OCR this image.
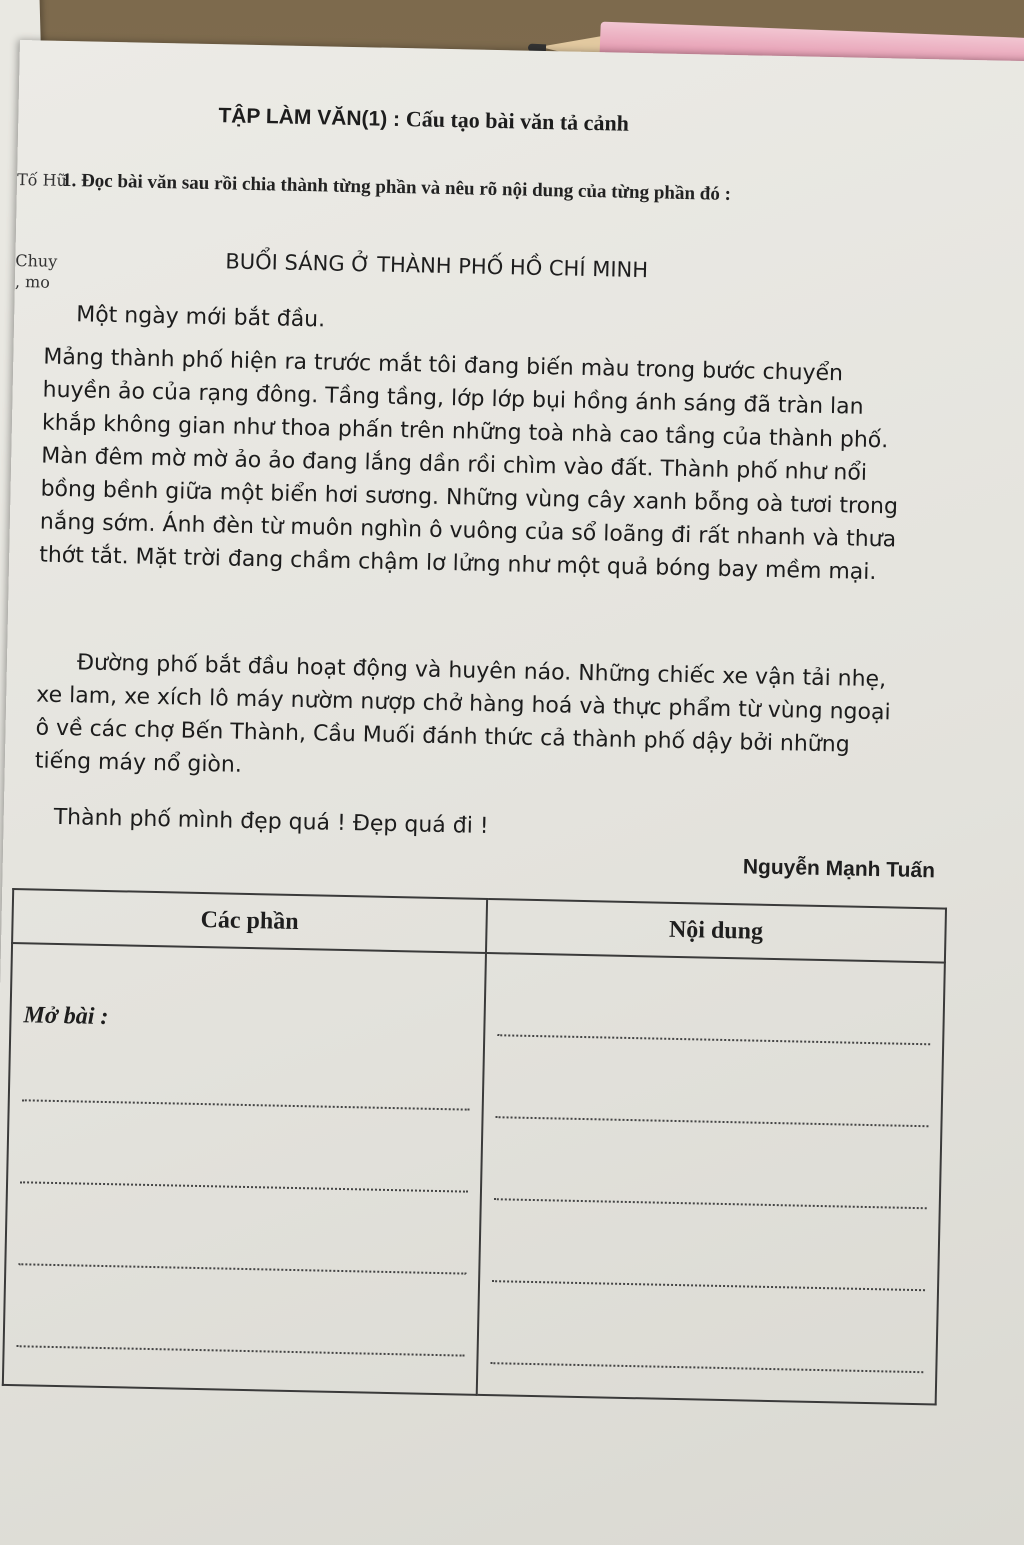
Tố Hữ
Chuy
, mo
TẬP LÀM VĂN(1) : Cấu tạo bài văn tả cảnh
1. Đọc bài văn sau rồi chia thành từng phần và nêu rõ nội dung của từng phần đó :
BUỔI SÁNG Ở THÀNH PHỐ HỒ CHÍ MINH
Một ngày mới bắt đầu.
Mảng thành phố hiện ra trước mắt tôi đang biến màu trong bước chuyển huyền ảo của rạng đông. Tầng tầng, lớp lớp bụi hồng ánh sáng đã tràn lan khắp không gian như thoa phấn trên những toà nhà cao tầng của thành phố. Màn đêm mờ mờ ảo ảo đang lắng dần rồi chìm vào đất. Thành phố như nổi bồng bềnh giữa một biển hơi sương. Những vùng cây xanh bỗng oà tươi trong nắng sớm. Ánh đèn từ muôn nghìn ô vuông của sổ loãng đi rất nhanh và thưa thớt tắt. Mặt trời đang chầm chậm lơ lửng như một quả bóng bay mềm mại.
Đường phố bắt đầu hoạt động và huyên náo. Những chiếc xe vận tải nhẹ, xe lam, xe xích lô máy nườm nượp chở hàng hoá và thực phẩm từ vùng ngoại ô về các chợ Bến Thành, Cầu Muối đánh thức cả thành phố dậy bởi những tiếng máy nổ giòn.
Thành phố mình đẹp quá ! Đẹp quá đi !
Nguyễn Mạnh Tuấn
Các phần	Nội dung

Mở bài :	
